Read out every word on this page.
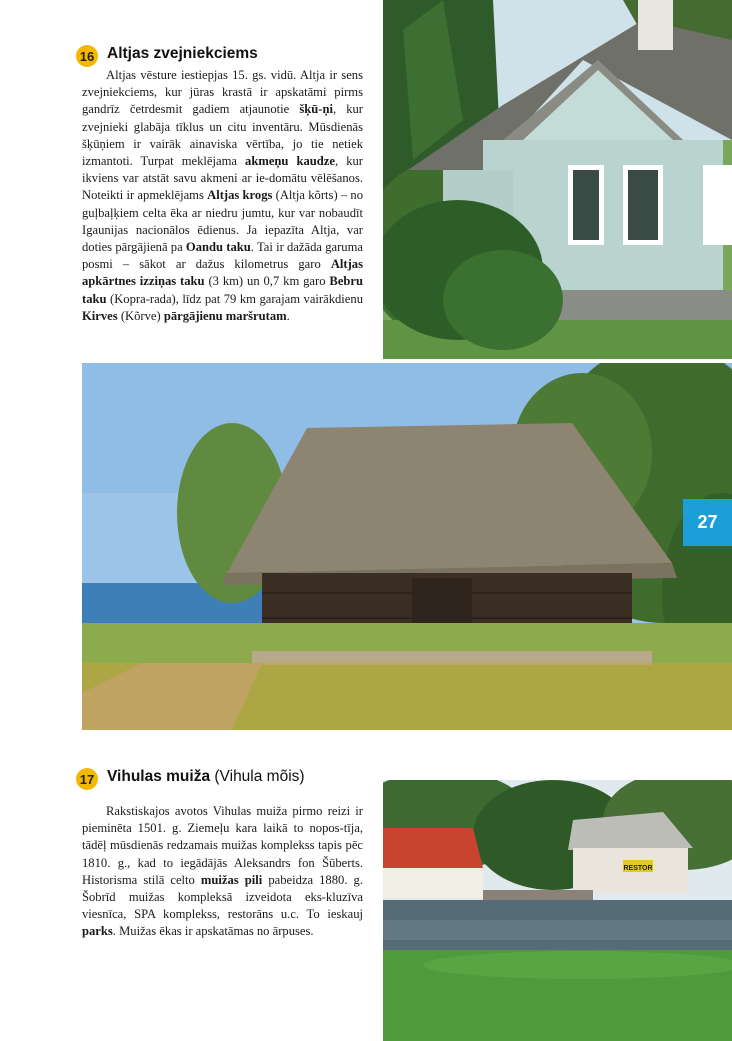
16 Altjas zvejniekciems

Altjas vēsture iestiepjas 15. gs. vidū. Altja ir sens zvejniekciems, kur jūras krastā ir apskatāmi pirms gandrīz četrdesmit gadiem atjaunotie šķū-ņi, kur zvejnieki glabāja tīklus un citu inventāru. Mūsdienās šķūņiem ir vairāk ainaviska vērtība, jo tie netiek izmantoti. Turpat meklējama akmeņu kaudze, kur ikviens var atstāt savu akmeni ar ie-domātu vēlēšanos. Noteikti ir apmeklējams Altjas krogs (Altja kõrts) – no guļbaļķiem celta ēka ar niedru jumtu, kur var nobaudīt Igaunijas nacionālos ēdienus. Ja iepazīta Altja, var doties pārgājienā pa Oandu taku. Tai ir dažāda garuma posmi – sākot ar dažus kilometrus garo Altjas apkārtnes izziņas taku (3 km) un 0,7 km garo Bebru taku (Kopra-rada), līdz pat 79 km garajam vairākdienu Kirves (Kõrve) pārgājienu maršrutam.

27
17 Vihulas muiža (Vihula mõis)

Rakstiskajos avotos Vihulas muiža pirmo reizi ir pieminēta 1501. g. Ziemeļu kara laikā to nopos-tīja, tādēļ mūsdienās redzamais muižas komplekss tapis pēc 1810. g., kad to iegādājās Aleksandrs fon Šūberts. Historisma stilā celto muižas pili pabeidza 1880. g. Šobrīd muižas kompleksā izveidota eks-kluzīva viesnīca, SPA komplekss, restorāns u.c. To ieskauj parks. Muižas ēkas ir apskatāmas no ārpuses.

RESTOR
